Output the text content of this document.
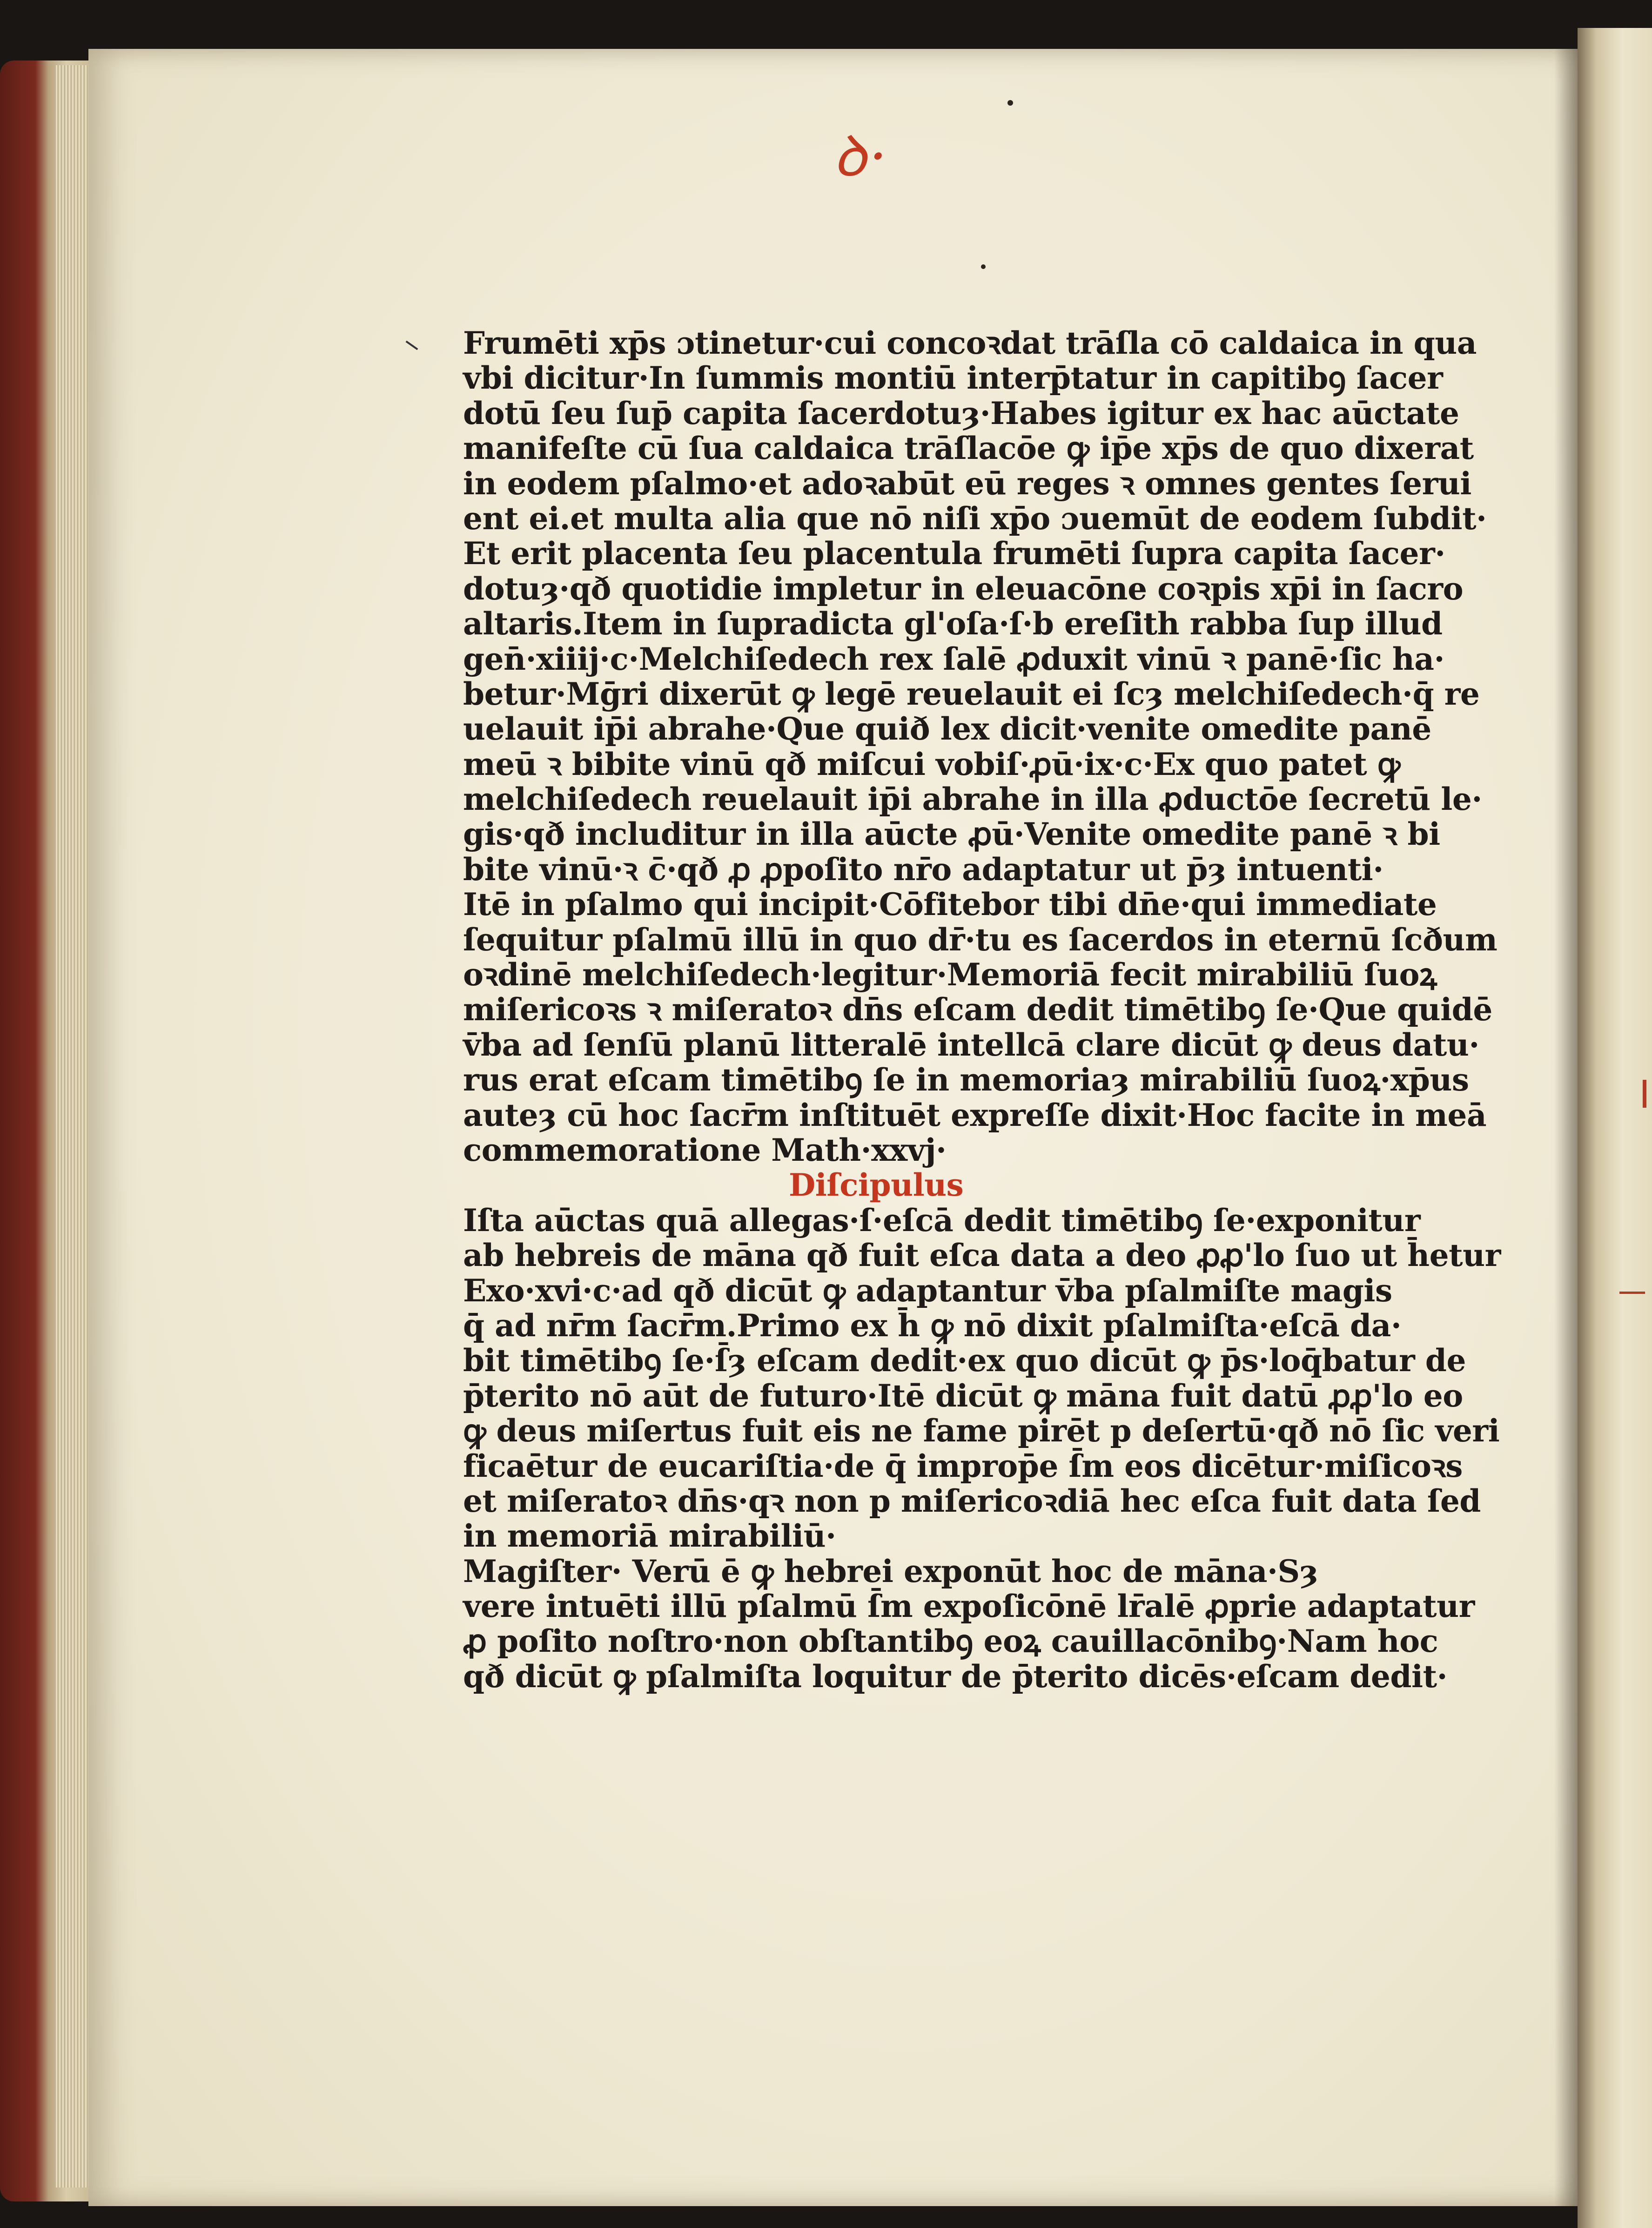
ꝺ·
Frumēti xp̄s ɔtinetur·cui concoꝛdat trāſla cō caldaica in qua
vbi dicitur·In ſummis montiū interp̄tatur in capitibꝯ ſacer
dotū ſeu ſup̄ capita ſacerdotuȝ·Habes igitur ex hac aūctate
manifeſte cū ſua caldaica trāſlacōe ꝙ ip̄e xp̄s de quo dixerat
in eodem pſalmo·et adoꝛabūt eū reges ꝛ omnes gentes ſerui
ent ei.et multa alia que nō niſi xp̄o ɔuemūt de eodem ſubdit·
Et erit placenta ſeu placentula frumēti ſupra capita ſacer·
dotuȝ·qð quotidie impletur in eleuacōne coꝛpis xp̄i in ſacro
altaris.Item in ſupradicta gl'oſa·ſ·b ereſith rabba ſup illud
gen̄·xiiij·c·Melchiſedech rex ſalē ꝓduxit vinū ꝛ panē·ſic ha·
betur·Mḡri dixerūt ꝙ legē reuelauit ei ſcȝ melchiſedech·q̄ re
uelauit ip̄i abrahe·Que quið lex dicit·venite omedite panē
meū ꝛ bibite vinū qð miſcui vobiſ·ꝓū·ix·c·Ex quo patet ꝙ
melchiſedech reuelauit ip̄i abrahe in illa ꝓductōe ſecretū le·
gis·qð includitur in illa aūcte ꝓū·Venite omedite panē ꝛ bi
bite vinū·ꝛ c̄·qð ꝓ ꝓpoſito nr̄o adaptatur ut p̄ȝ intuenti·
Itē in pſalmo qui incipit·Cōfitebor tibi dn̄e·qui immediate
ſequitur pſalmū illū in quo dr̄·tu es ſacerdos in eternū ſcðum
oꝛdinē melchiſedech·legitur·Memoriā fecit mirabiliū ſuoꝝ
miſericoꝛs ꝛ miſeratoꝛ dn̄s eſcam dedit timētibꝯ ſe·Que quidē
v̄ba ad ſenſū planū litteralē intellcā clare dicūt ꝙ deus datu·
rus erat eſcam timētibꝯ ſe in memoriaȝ mirabiliū ſuoꝝ·xp̄us
auteȝ cū hoc ſacr̄m inſtituēt expreſſe dixit·Hoc facite in meā
commemoratione Math·xxvj·
Diſcipulus
Iſta aūctas quā allegas·ſ·eſcā dedit timētibꝯ ſe·exponitur
ab hebreis de māna qð fuit eſca data a deo ꝓꝓ'lo ſuo ut h̄etur
Exo·xvi·c·ad qð dicūt ꝙ adaptantur v̄ba pſalmiſte magis
q̄ ad nr̄m ſacr̄m.Primo ex h̄ ꝙ nō dixit pſalmiſta·eſcā da·
bit timētibꝯ ſe·ſ̄ȝ eſcam dedit·ex quo dicūt ꝙ p̄s·loq̄batur de
p̄terito nō aūt de futuro·Itē dicūt ꝙ māna fuit datū ꝓꝓ'lo eo
ꝙ deus miſertus fuit eis ne fame pirēt p deſertū·qð nō ſic veri
ficaētur de eucariſtia·de q̄ improp̄e ſ̄m eos dicētur·miſicoꝛs
et miſeratoꝛ dn̄s·qꝛ non p miſericoꝛdiā hec eſca fuit data ſed
in memoriā mirabiliū·
Magiſter· Verū ē ꝙ hebrei exponūt hoc de māna·Sȝ
vere intuēti illū pſalmū ſ̄m expoſicōnē lr̄alē ꝓprie adaptatur
ꝓ poſito noſtro·non obſtantibꝯ eoꝝ cauillacōnibꝯ·Nam hoc
qð dicūt ꝙ pſalmiſta loquitur de p̄terito dicēs·eſcam dedit·
